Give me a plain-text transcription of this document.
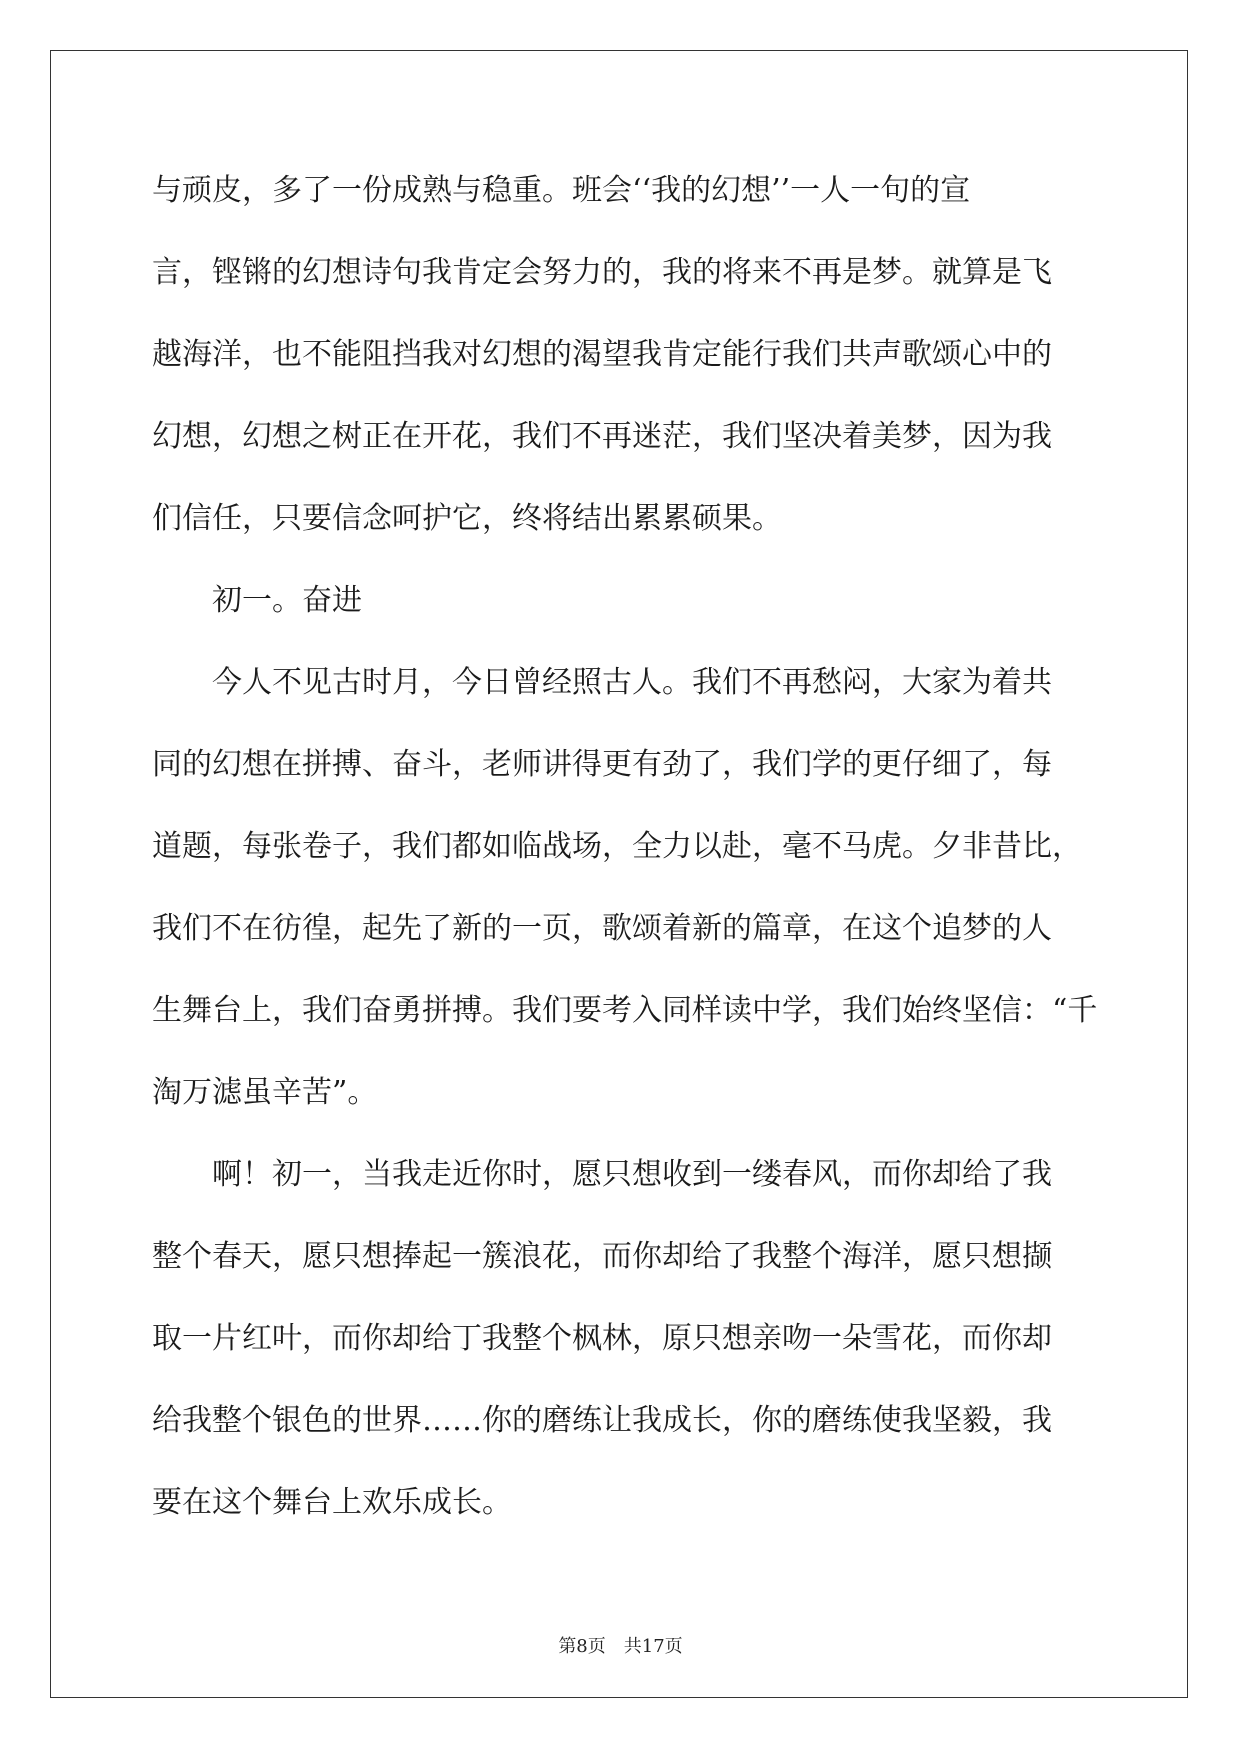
与顽皮，多了一份成熟与稳重。班会‘‘我的幻想’’一人一句的宣
言，铿锵的幻想诗句我肯定会努力的，我的将来不再是梦。就算是飞
越海洋，也不能阻挡我对幻想的渴望我肯定能行我们共声歌颂心中的
幻想，幻想之树正在开花，我们不再迷茫，我们坚决着美梦，因为我
们信任，只要信念呵护它，终将结出累累硕果。
初一。奋进
今人不见古时月，今日曾经照古人。我们不再愁闷，大家为着共
同的幻想在拼搏、奋斗，老师讲得更有劲了，我们学的更仔细了，每
道题，每张卷子，我们都如临战场，全力以赴，毫不马虎。夕非昔比，
我们不在彷徨，起先了新的一页，歌颂着新的篇章，在这个追梦的人
生舞台上，我们奋勇拼搏。我们要考入同样读中学，我们始终坚信：“千
淘万滤虽辛苦”。
啊！初一，当我走近你时，愿只想收到一缕春风，而你却给了我
整个春天，愿只想捧起一簇浪花，而你却给了我整个海洋，愿只想撷
取一片红叶，而你却给丁我整个枫林，原只想亲吻一朵雪花，而你却
给我整个银色的世界……你的磨练让我成长，你的磨练使我坚毅，我
要在这个舞台上欢乐成长。
第8页　共17页
